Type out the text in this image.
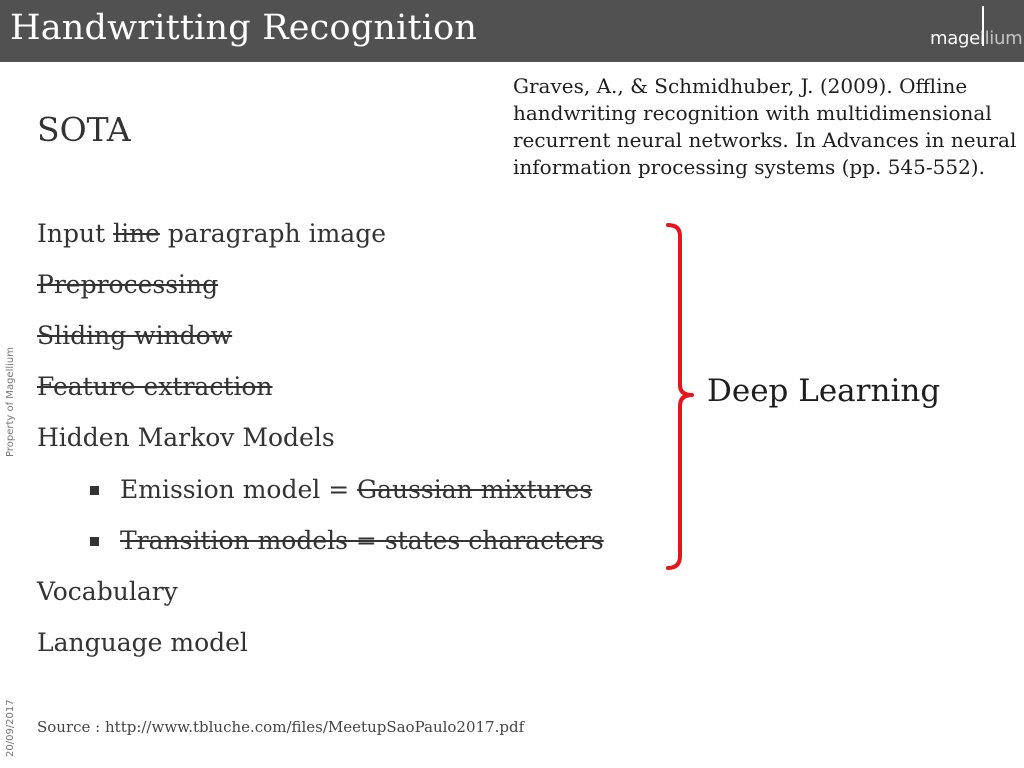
Handwritting Recognition	magellium
Property of Magellium
20/09/2017
SOTA
Graves, A., & Schmidhuber, J. (2009). Offline handwriting recognition with multidimensional recurrent neural networks. In Advances in neural information processing systems (pp. 545-552).
Input line paragraph image
Preprocessing
Sliding window
Feature extraction
Hidden Markov Models
Emission model = Gaussian mixtures
Transition models = states characters
Vocabulary
Language model
Deep Learning
Source : http://www.tbluche.com/files/MeetupSaoPaulo2017.pdf
